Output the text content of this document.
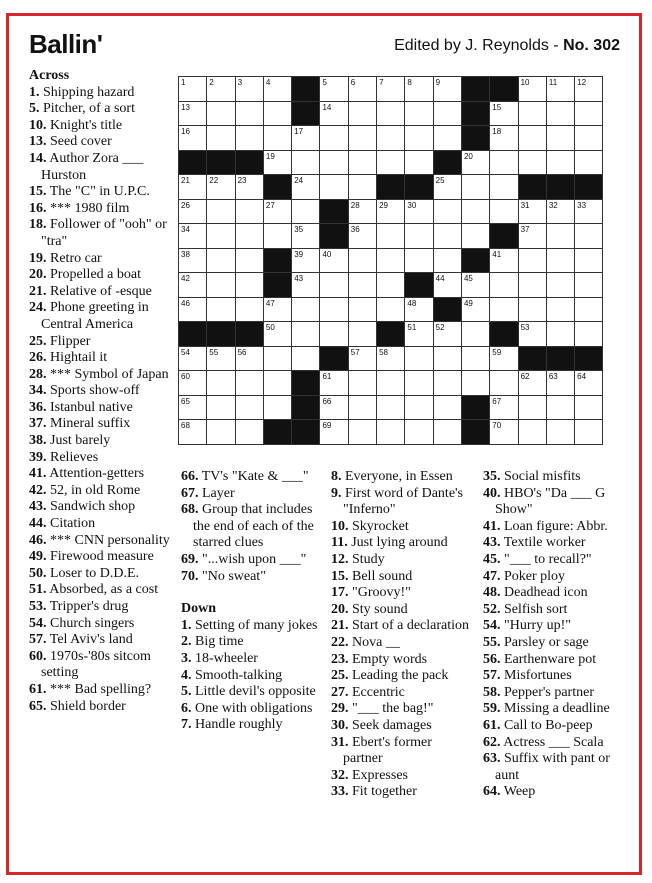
Ballin'	Edited by J. Reynolds - No. 302
1	2	3	4		5	6	7	8	9			10	11	12

13					14						15			

16				17							18			

			19							20				

21	22	23		24					25					

26			27			28	29	30				31	32	33

34				35		36						37		

38				39	40						41			

42				43					44	45				

46			47					48		49				

			50					51	52			53		

54	55	56				57	58				59			

60					61							62	63	64

65					66						67			

68					69						70			

Across

1. Shipping hazard

5. Pitcher, of a sort

10. Knight's title

13. Seed cover

14. Author Zora ___ Hurston

15. The "C" in U.P.C.

16. *** 1980 film

18. Follower of "ooh" or "tra"

19. Retro car

20. Propelled a boat

21. Relative of -esque

24. Phone greeting in Central America

25. Flipper

26. Hightail it

28. *** Symbol of Japan

34. Sports show-off

36. Istanbul native

37. Mineral suffix

38. Just barely

39. Relieves

41. Attention-getters

42. 52, in old Rome

43. Sandwich shop

44. Citation

46. *** CNN personality

49. Firewood measure

50. Loser to D.D.E.

51. Absorbed, as a cost

53. Tripper's drug

54. Church singers

57. Tel Aviv's land

60. 1970s-'80s sitcom setting

61. *** Bad spelling?

65. Shield border

66. TV's "Kate & ___"

67. Layer

68. Group that includes the end of each of the starred clues

69. "...wish upon ___"

70. "No sweat"

Down

1. Setting of many jokes

2. Big time

3. 18-wheeler

4. Smooth-talking

5. Little devil's opposite

6. One with obligations

7. Handle roughly

8. Everyone, in Essen

9. First word of Dante's "Inferno"

10. Skyrocket

11. Just lying around

12. Study

15. Bell sound

17. "Groovy!"

20. Sty sound

21. Start of a declaration

22. Nova __

23. Empty words

25. Leading the pack

27. Eccentric

29. "___ the bag!"

30. Seek damages

31. Ebert's former partner

32. Expresses

33. Fit together

35. Social misfits

40. HBO's "Da ___ G Show"

41. Loan figure: Abbr.

43. Textile worker

45. "___ to recall?"

47. Poker ploy

48. Deadhead icon

52. Selfish sort

54. "Hurry up!"

55. Parsley or sage

56. Earthenware pot

57. Misfortunes

58. Pepper's partner

59. Missing a deadline

61. Call to Bo-peep

62. Actress ___ Scala

63. Suffix with pant or aunt

64. Weep
